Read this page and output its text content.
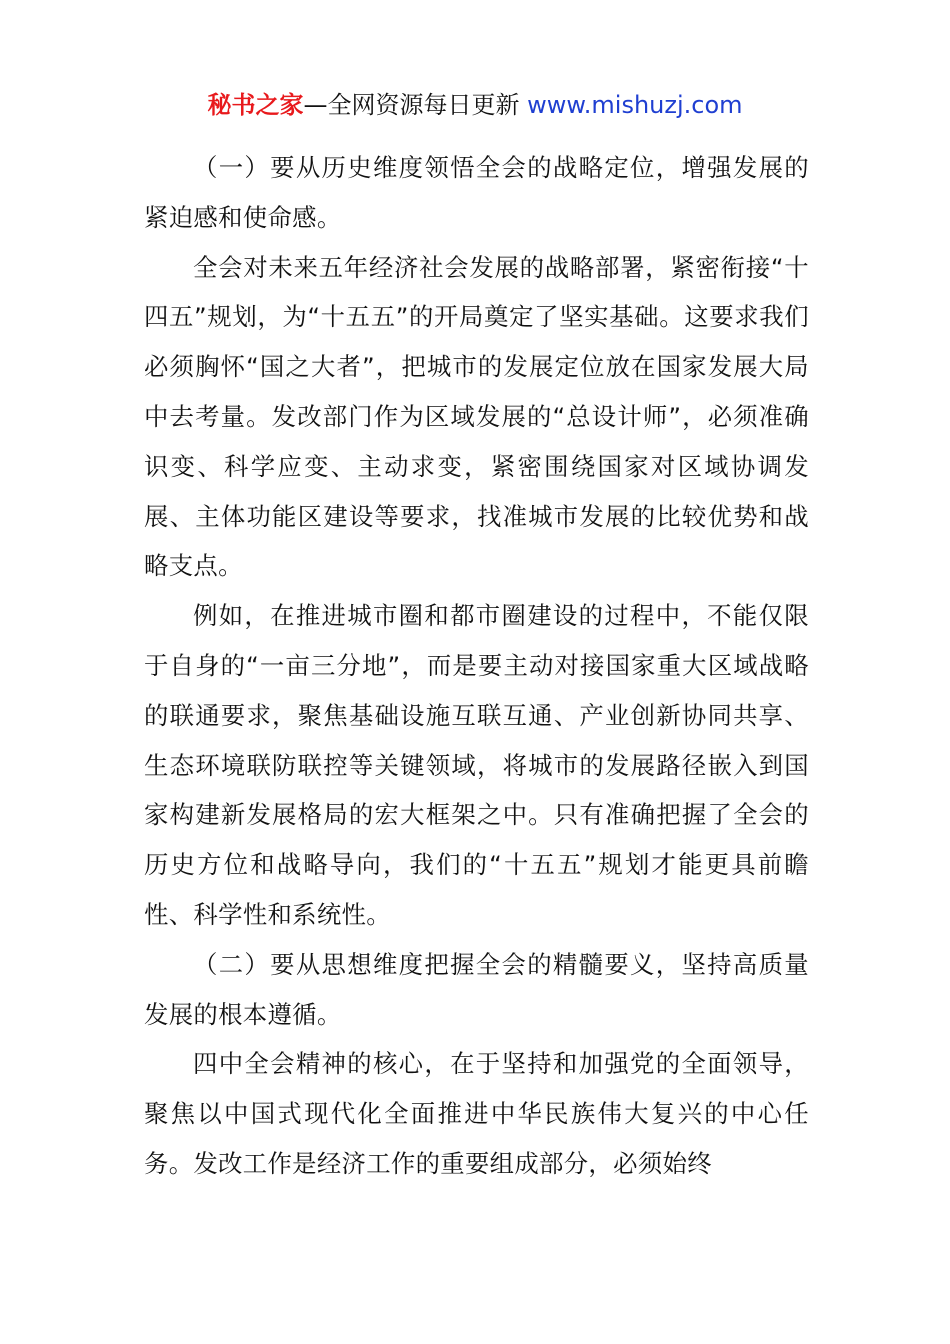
秘书之家—全网资源每日更新 www.mishuzj.com

（一）要从历史维度领悟全会的战略定位，增强发展的紧迫感和使命感。

全会对未来五年经济社会发展的战略部署，紧密衔接“十四五”规划，为“十五五”的开局奠定了坚实基础。这要求我们必须胸怀“国之大者”，把城市的发展定位放在国家发展大局中去考量。发改部门作为区域发展的“总设计师”，必须准确识变、科学应变、主动求变，紧密围绕国家对区域协调发展、主体功能区建设等要求，找准城市发展的比较优势和战略支点。

例如，在推进城市圈和都市圈建设的过程中，不能仅限于自身的“一亩三分地”，而是要主动对接国家重大区域战略的联通要求，聚焦基础设施互联互通、产业创新协同共享、生态环境联防联控等关键领域，将城市的发展路径嵌入到国家构建新发展格局的宏大框架之中。只有准确把握了全会的历史方位和战略导向，我们的“十五五”规划才能更具前瞻性、科学性和系统性。

（二）要从思想维度把握全会的精髓要义，坚持高质量发展的根本遵循。

四中全会精神的核心，在于坚持和加强党的全面领导，聚焦以中国式现代化全面推进中华民族伟大复兴的中心任务。发改工作是经济工作的重要组成部分，必须始终
